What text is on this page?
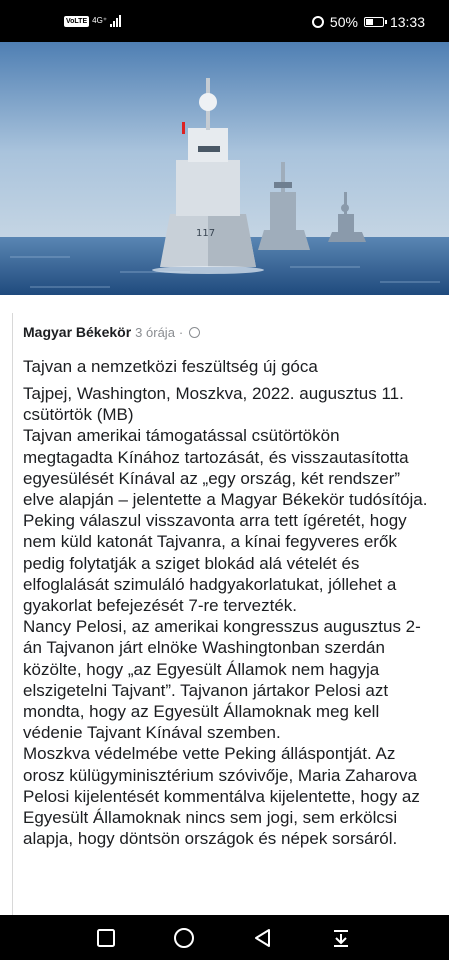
VoLTE 4G⁺	50% 13:33
117
Magyar Békekör 3 órája ·
Tajvan a nemzetközi feszültség új góca

Tajpej, Washington, Moszkva, 2022. augusztus 11. csütörtök (MB)

Tajvan amerikai támogatással csütörtökön megtagadta Kínához tartozását, és visszautasította egyesülését Kínával az „egy ország, két rendszer” elve alapján – jelentette a Magyar Békekör tudósítója.

Peking válaszul visszavonta arra tett ígéretét, hogy nem küld katonát Tajvanra, a kínai fegyveres erők pedig folytatják a sziget blokád alá vételét és elfoglalását szimuláló hadgyakorlatukat, jóllehet a gyakorlat befejezését 7-re tervezték.

Nancy Pelosi, az amerikai kongresszus augusztus 2-án Tajvanon járt elnöke Washingtonban szerdán közölte, hogy „az Egyesült Államok nem hagyja elszigetelni Tajvant”. Tajvanon jártakor Pelosi azt mondta, hogy az Egyesült Államoknak meg kell védenie Tajvant Kínával szemben.

Moszkva védelmébe vette Peking álláspontját. Az orosz külügyminisztérium szóvivője, Maria Zaharova Pelosi kijelentését kommentálva kijelentette, hogy az Egyesült Államoknak nincs sem jogi, sem erkölcsi alapja, hogy döntsön országok és népek sorsáról.
